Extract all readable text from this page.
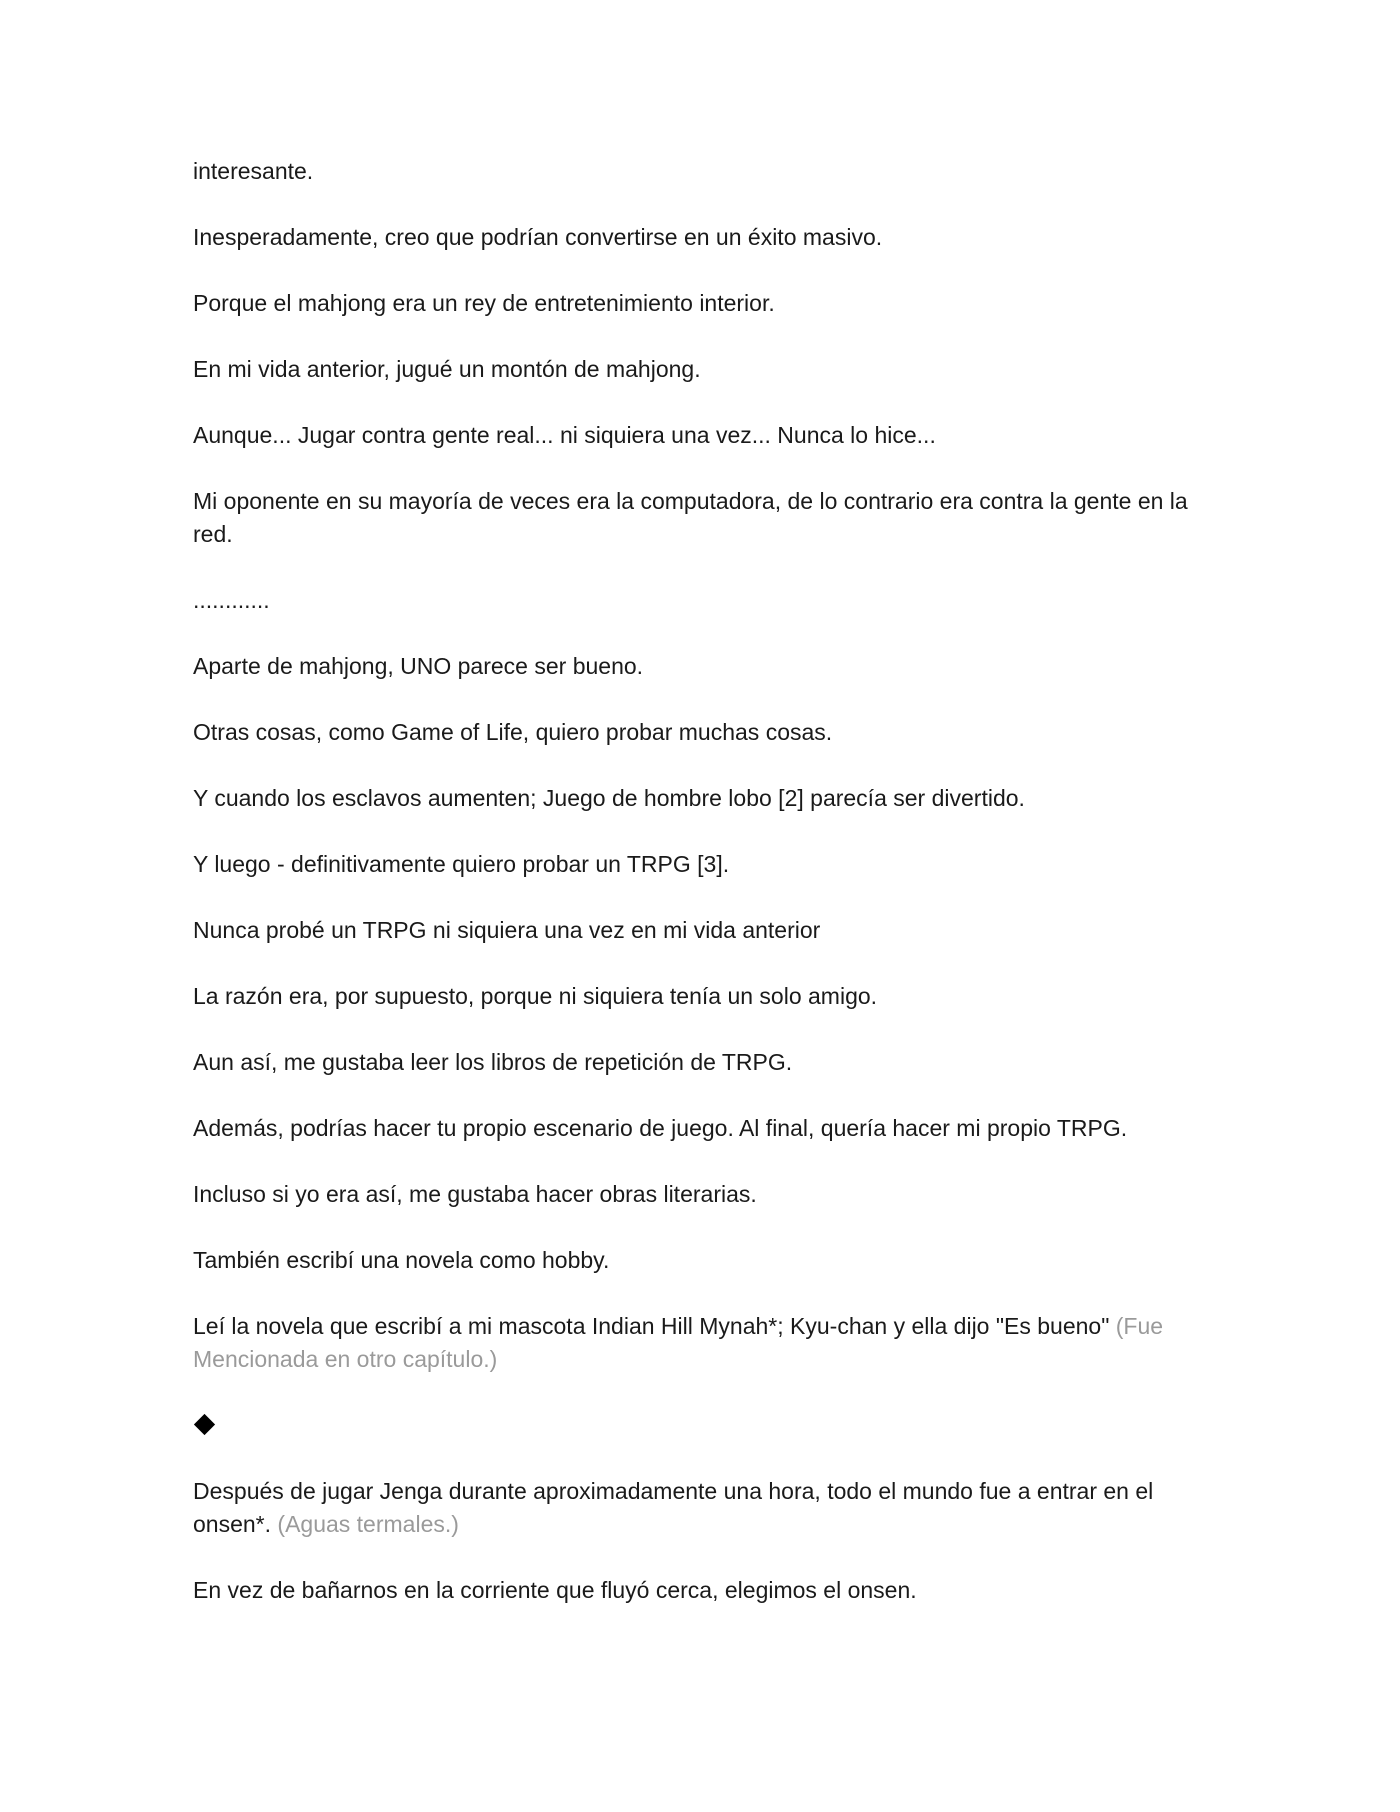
interesante.

Inesperadamente, creo que podrían convertirse en un éxito masivo.

Porque el mahjong era un rey de entretenimiento interior.

En mi vida anterior, jugué un montón de mahjong.

Aunque... Jugar contra gente real... ni siquiera una vez... Nunca lo hice...

Mi oponente en su mayoría de veces era la computadora, de lo contrario era contra la gente en la red.

............

Aparte de mahjong, UNO parece ser bueno.

Otras cosas, como Game of Life, quiero probar muchas cosas.

Y cuando los esclavos aumenten; Juego de hombre lobo [2] parecía ser divertido.

Y luego - definitivamente quiero probar un TRPG [3].

Nunca probé un TRPG ni siquiera una vez en mi vida anterior

La razón era, por supuesto, porque ni siquiera tenía un solo amigo.

Aun así, me gustaba leer los libros de repetición de TRPG.

Además, podrías hacer tu propio escenario de juego. Al final, quería hacer mi propio TRPG.

Incluso si yo era así, me gustaba hacer obras literarias.

También escribí una novela como hobby.

Leí la novela que escribí a mi mascota Indian Hill Mynah*; Kyu-chan y ella dijo "Es bueno" (Fue Mencionada en otro capítulo.)

Después de jugar Jenga durante aproximadamente una hora, todo el mundo fue a entrar en el onsen*. (Aguas termales.)

En vez de bañarnos en la corriente que fluyó cerca, elegimos el onsen.
